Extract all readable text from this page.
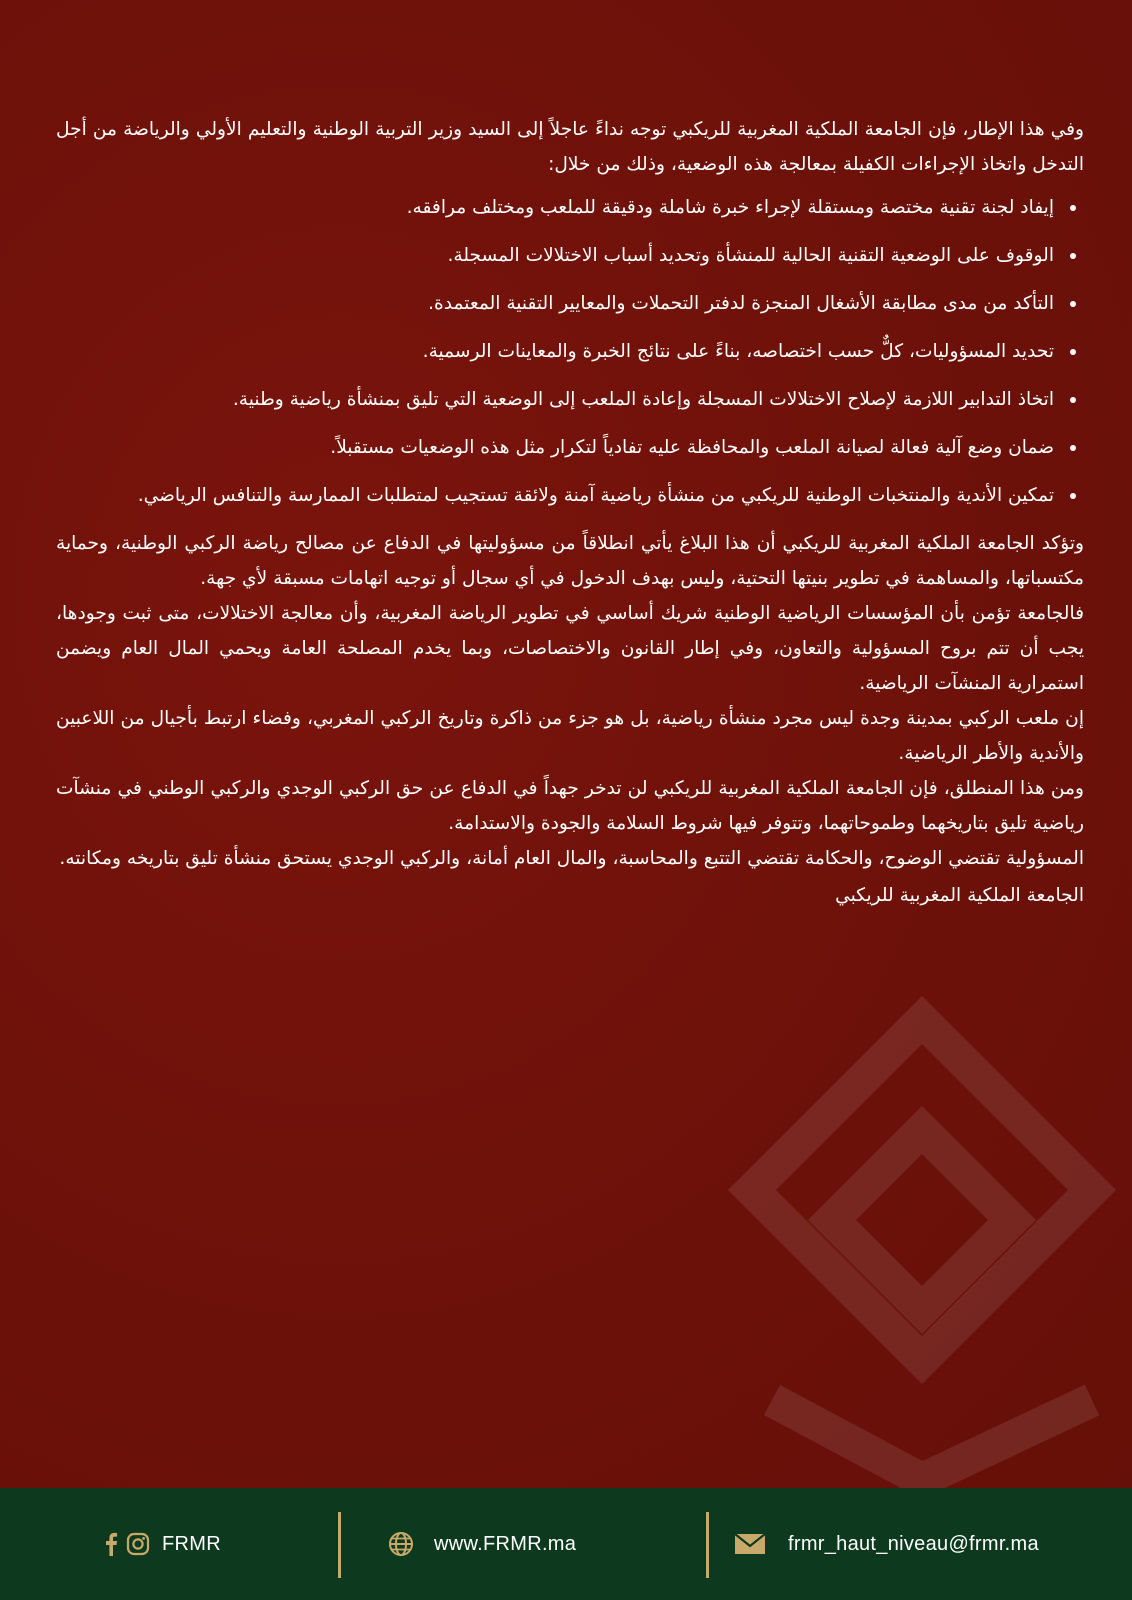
وفي هذا الإطار، فإن الجامعة الملكية المغربية للريكبي توجه نداءً عاجلاً إلى السيد وزير التربية الوطنية والتعليم الأولي والرياضة من أجل التدخل واتخاذ الإجراءات الكفيلة بمعالجة هذه الوضعية، وذلك من خلال:

إيفاد لجنة تقنية مختصة ومستقلة لإجراء خبرة شاملة ودقيقة للملعب ومختلف مرافقه.
الوقوف على الوضعية التقنية الحالية للمنشأة وتحديد أسباب الاختلالات المسجلة.
التأكد من مدى مطابقة الأشغال المنجزة لدفتر التحملات والمعايير التقنية المعتمدة.
تحديد المسؤوليات، كلٌّ حسب اختصاصه، بناءً على نتائج الخبرة والمعاينات الرسمية.
اتخاذ التدابير اللازمة لإصلاح الاختلالات المسجلة وإعادة الملعب إلى الوضعية التي تليق بمنشأة رياضية وطنية.
ضمان وضع آلية فعالة لصيانة الملعب والمحافظة عليه تفادياً لتكرار مثل هذه الوضعيات مستقبلاً.
تمكين الأندية والمنتخبات الوطنية للريكبي من منشأة رياضية آمنة ولائقة تستجيب لمتطلبات الممارسة والتنافس الرياضي.

وتؤكد الجامعة الملكية المغربية للريكبي أن هذا البلاغ يأتي انطلاقاً من مسؤوليتها في الدفاع عن مصالح رياضة الركبي الوطنية، وحماية مكتسباتها، والمساهمة في تطوير بنيتها التحتية، وليس بهدف الدخول في أي سجال أو توجيه اتهامات مسبقة لأي جهة.

فالجامعة تؤمن بأن المؤسسات الرياضية الوطنية شريك أساسي في تطوير الرياضة المغربية، وأن معالجة الاختلالات، متى ثبت وجودها، يجب أن تتم بروح المسؤولية والتعاون، وفي إطار القانون والاختصاصات، وبما يخدم المصلحة العامة ويحمي المال العام ويضمن استمرارية المنشآت الرياضية.

إن ملعب الركبي بمدينة وجدة ليس مجرد منشأة رياضية، بل هو جزء من ذاكرة وتاريخ الركبي المغربي، وفضاء ارتبط بأجيال من اللاعبين والأندية والأطر الرياضية.

ومن هذا المنطلق، فإن الجامعة الملكية المغربية للريكبي لن تدخر جهداً في الدفاع عن حق الركبي الوجدي والركبي الوطني في منشآت رياضية تليق بتاريخهما وطموحاتهما، وتتوفر فيها شروط السلامة والجودة والاستدامة.

المسؤولية تقتضي الوضوح، والحكامة تقتضي التتبع والمحاسبة، والمال العام أمانة، والركبي الوجدي يستحق منشأة تليق بتاريخه ومكانته.

الجامعة الملكية المغربية للريكبي

FRMR	www.FRMR.ma	frmr_haut_niveau@frmr.ma
